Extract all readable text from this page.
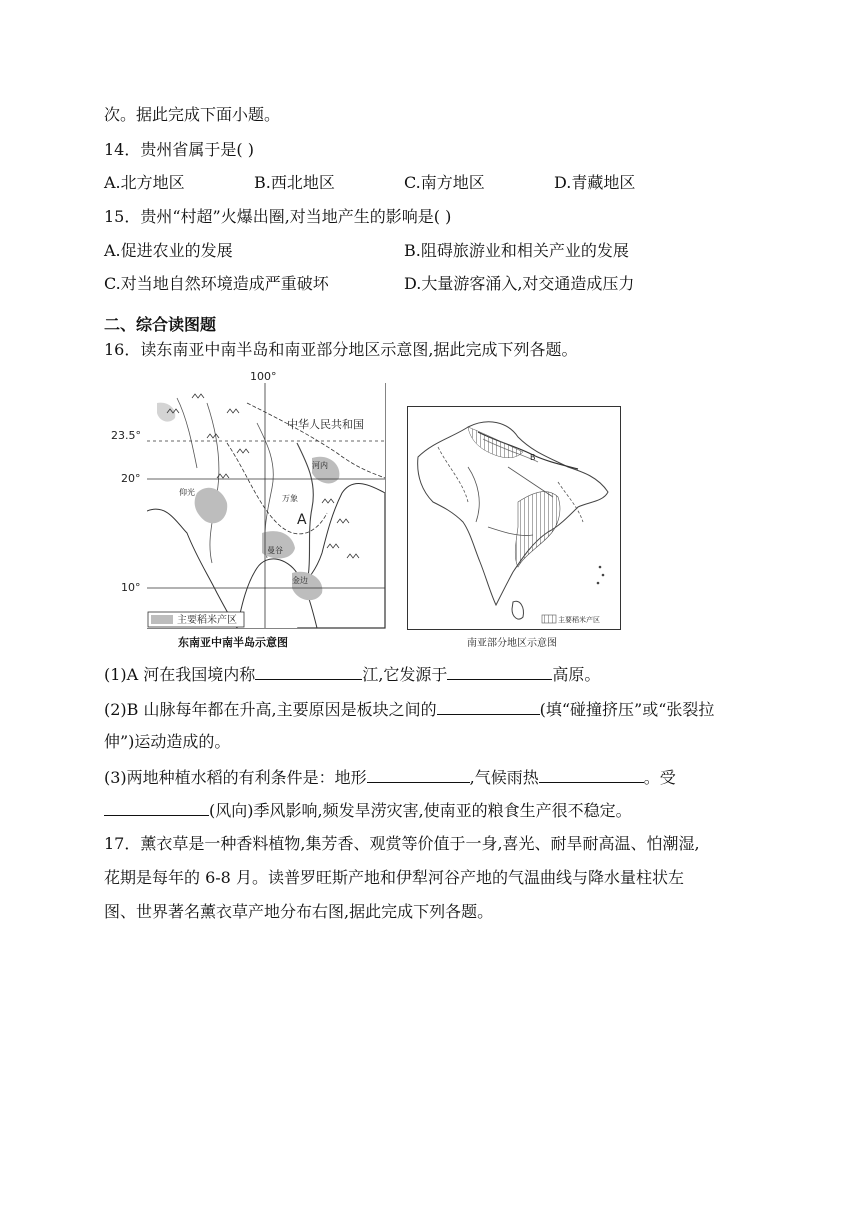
次。据此完成下面小题。
14．贵州省属于是( )
A.北方地区	B.西北地区	C.南方地区	D.青藏地区
15．贵州“村超”火爆出圈,对当地产生的影响是( )
A.促进农业的发展	B.阻碍旅游业和相关产业的发展
C.对当地自然环境造成严重破坏	D.大量游客涌入,对交通造成压力
二、综合读图题
16．读东南亚中南半岛和南亚部分地区示意图,据此完成下列各题。
主要稻米产区
中华人民共和国
河内
万象
仰光
曼谷
金边
A
100°
23.5°
20°
10°
东南亚中南半岛示意图
B
主要稻米产区
南亚部分地区示意图
(1)A 河在我国境内称	江,它发源于	高原。
(2)B 山脉每年都在升高,主要原因是板块之间的	(填“碰撞挤压”或“张裂拉
伸”)运动造成的。
(3)两地种植水稻的有利条件是：地形	,气候雨热	。受
(风向)季风影响,频发旱涝灾害,使南亚的粮食生产很不稳定。
17．薰衣草是一种香料植物,集芳香、观赏等价值于一身,喜光、耐旱耐高温、怕潮湿,
花期是每年的 6-8 月。读普罗旺斯产地和伊犁河谷产地的气温曲线与降水量柱状左
图、世界著名薰衣草产地分布右图,据此完成下列各题。
